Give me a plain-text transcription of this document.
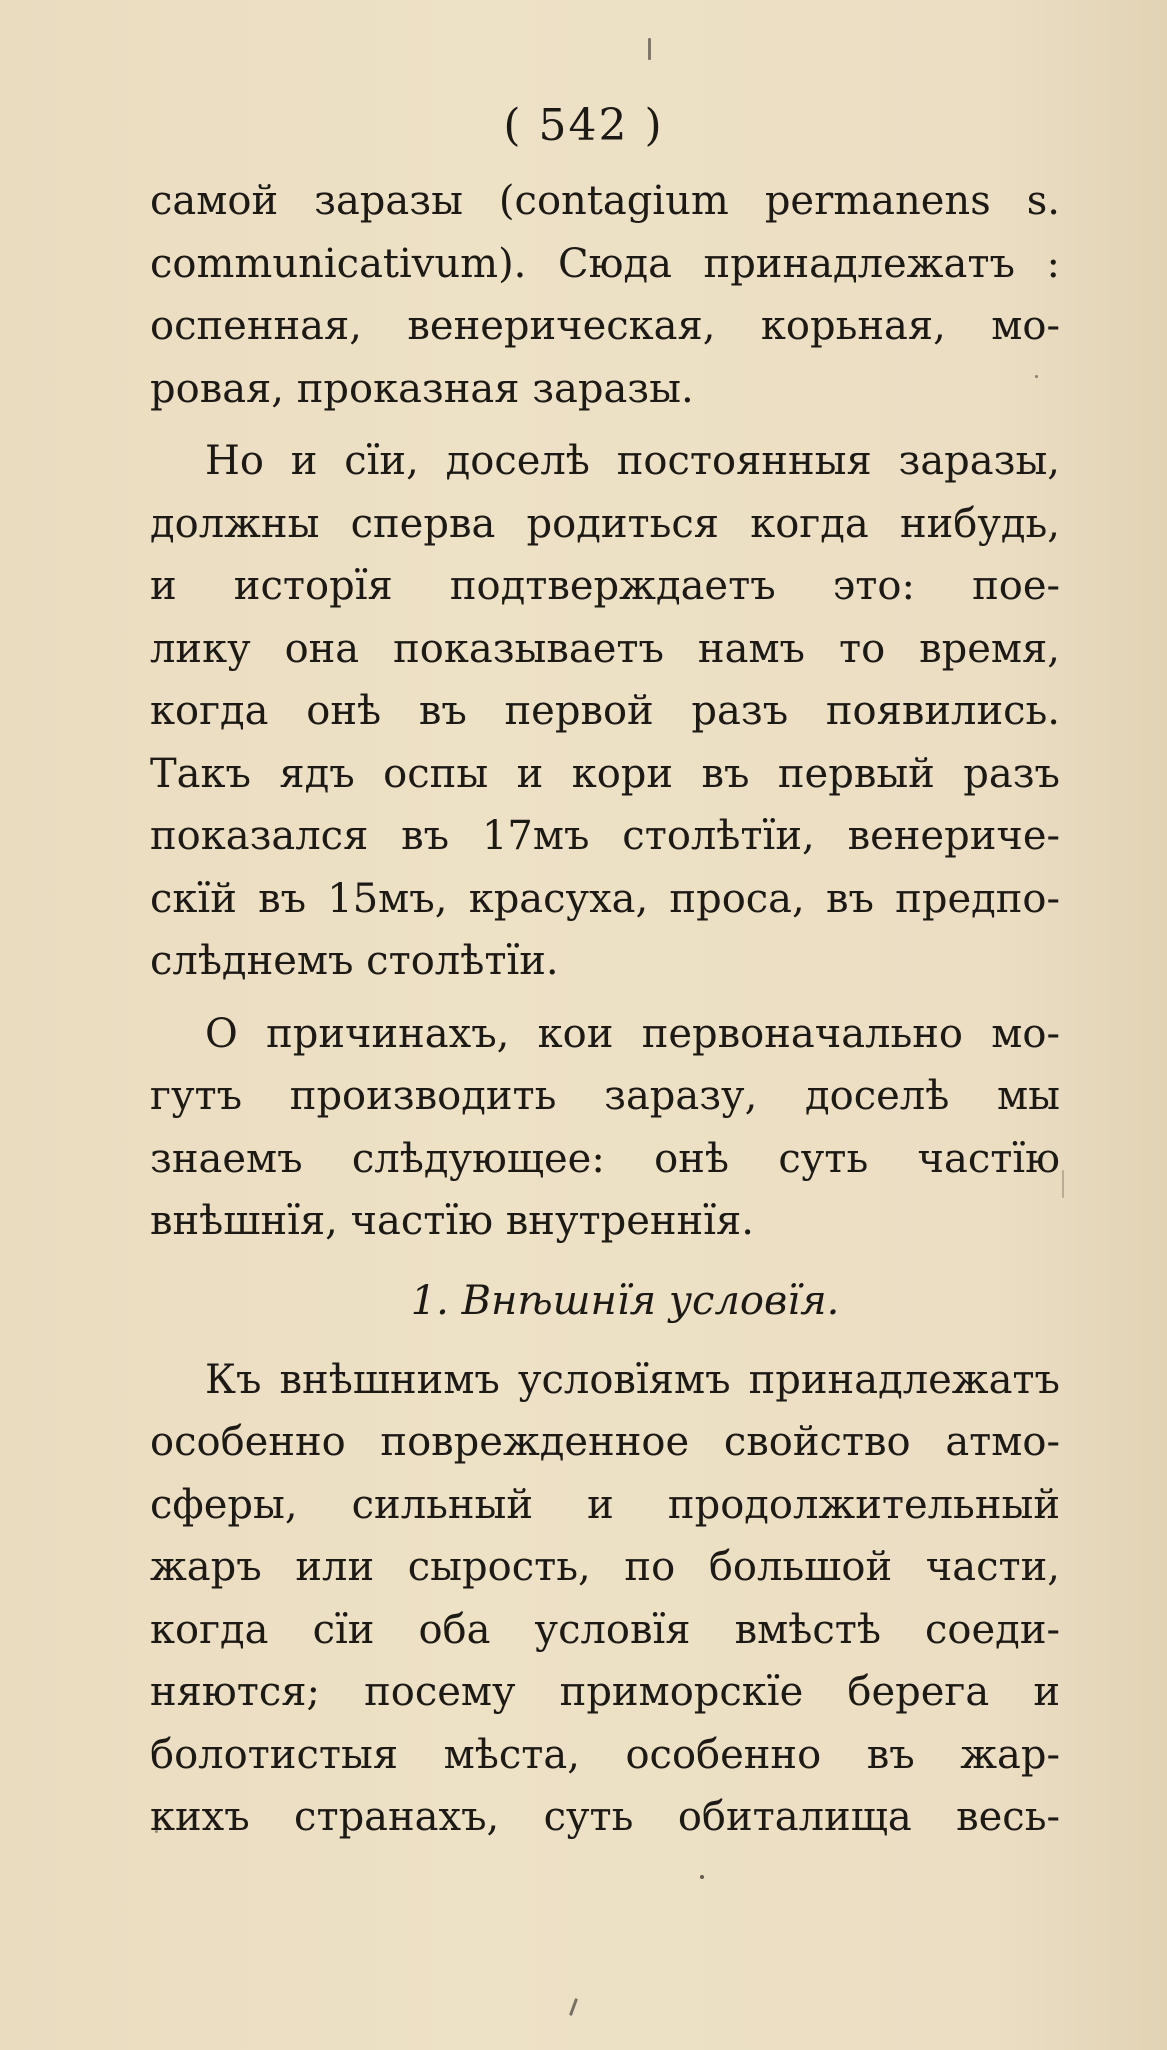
( 542 )
самой заразы (contagium permanens s.
communicativum). Сюда принадлежатъ :
оспенная, венерическая, корьная, мо-
ровая, проказная заразы.
Но и сїи, доселѣ постоянныя заразы,
должны сперва родиться когда нибудь,
и исторїя подтверждаетъ это: поe-
лику она показываетъ намъ то время,
когда онѣ въ первой разъ появились.
Такъ ядъ оспы и кори въ первый разъ
показался въ 17мъ столѣтїи, венериче-
скїй въ 15мъ, красуха, проса, въ предпо-
слѣднемъ столѣтїи.
О причинахъ, кои первоначально мо-
гутъ производить заразу, доселѣ мы
знаемъ слѣдующее: онѣ суть частїю
внѣшнїя, частїю внутреннїя.
1. Внѣшнїя условїя.
Къ внѣшнимъ условїямъ принадлежатъ
особенно поврежденное свойство атмо-
сферы, сильный и продолжительный
жаръ или сырость, по большой части,
когда сїи оба условїя вмѣстѣ соеди-
няются; посему приморскїе берега и
болотистыя мѣста, особенно въ жар-
кихъ странахъ, суть обиталища весь-
